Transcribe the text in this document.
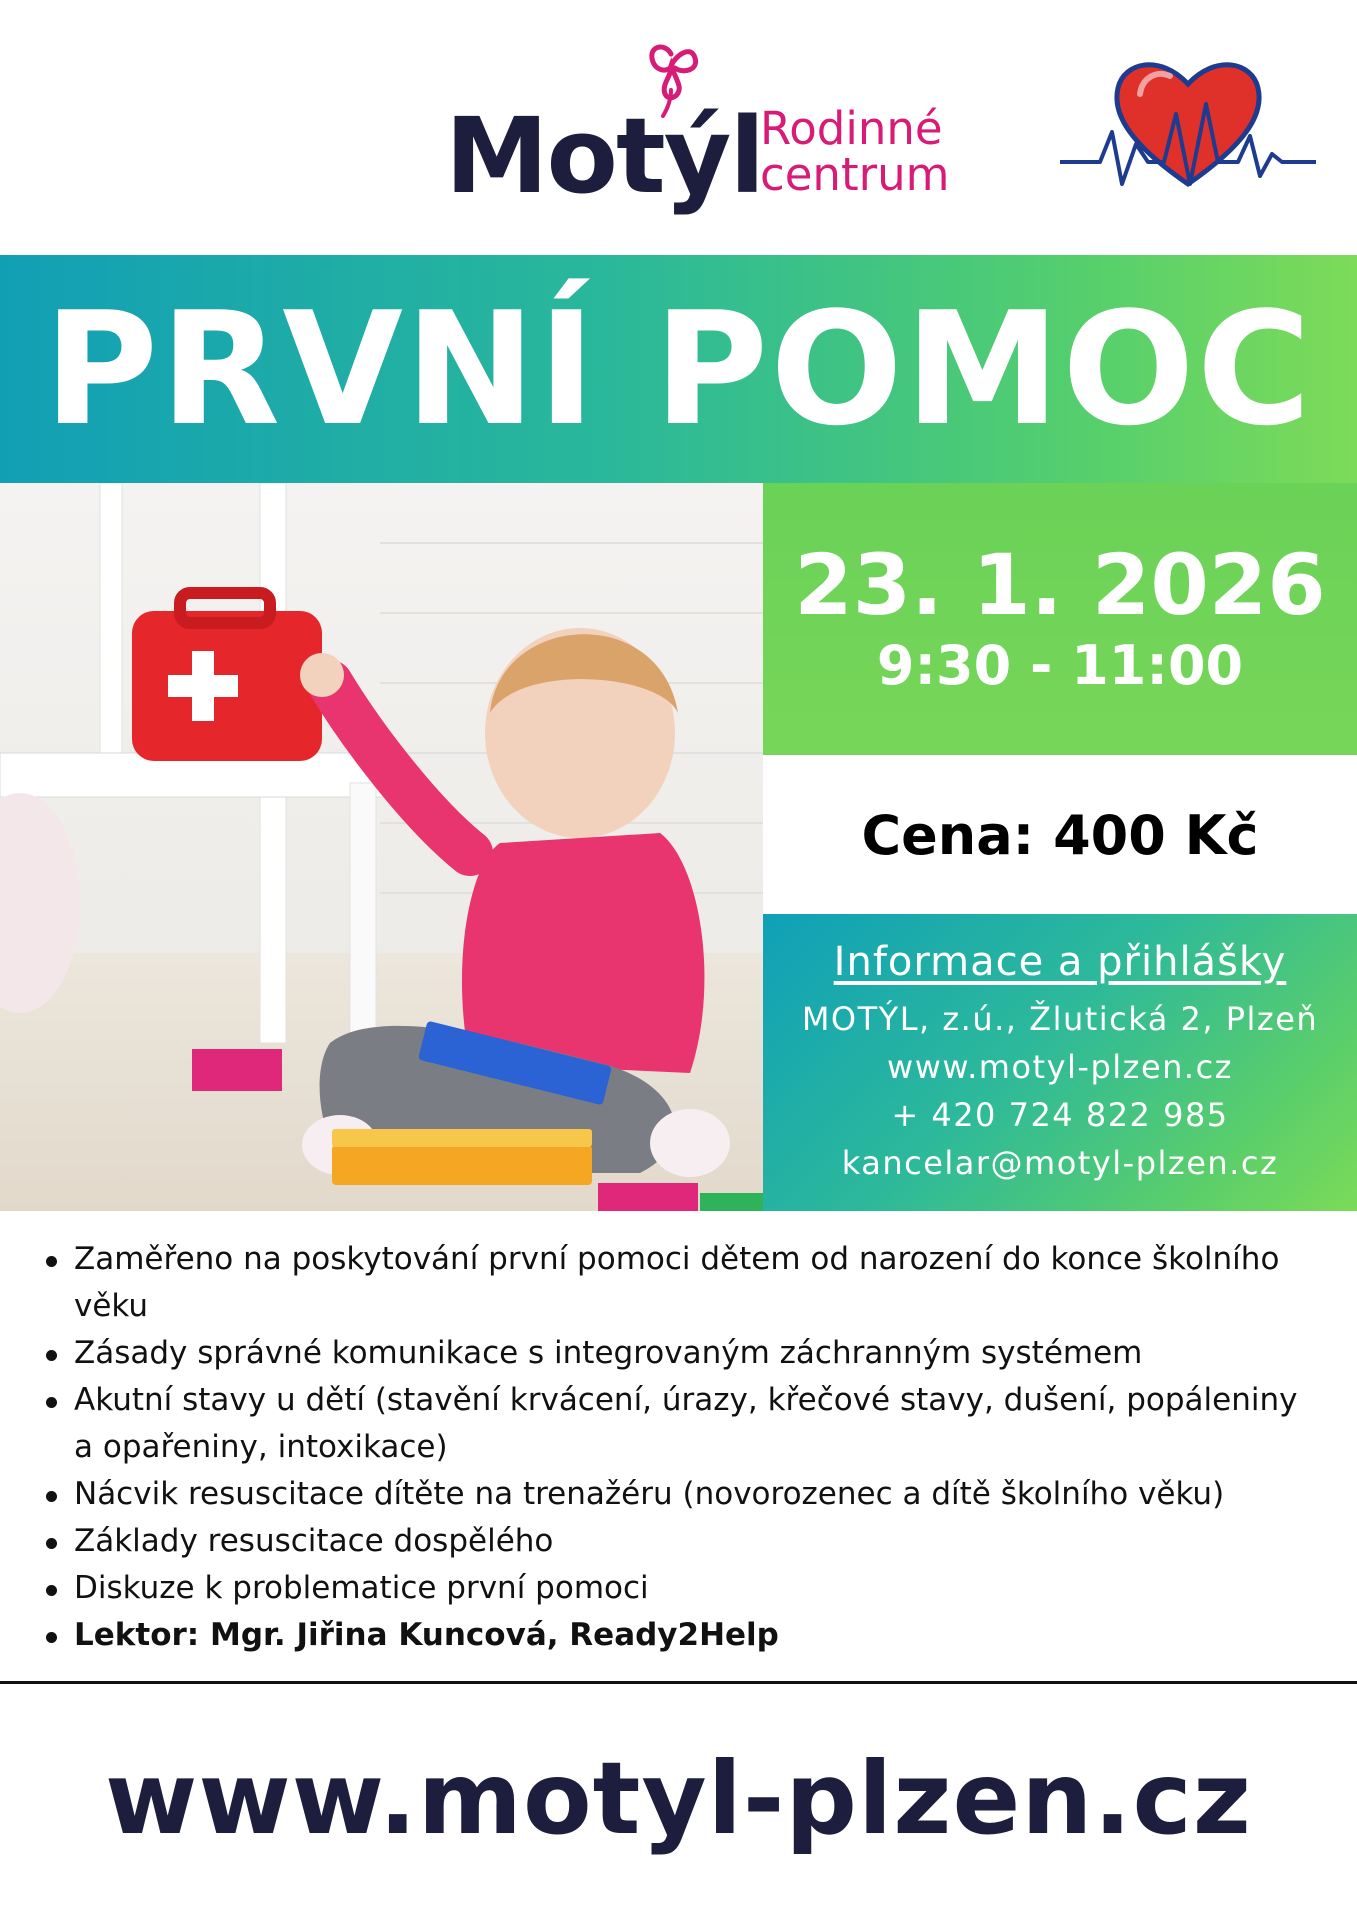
Motýl
Rodinné
centrum
PRVNÍ POMOC
23. 1. 2026
9:30 - 11:00
Cena: 400 Kč
Informace a přihlášky
MOTÝL, z.ú., Žlutická 2, Plzeň
www.motyl-plzen.cz
+ 420 724 822 985
kancelar@motyl-plzen.cz
Zaměřeno na poskytování první pomoci dětem od narození do konce školního věku
Zásady správné komunikace s integrovaným záchranným systémem
Akutní stavy u dětí (stavění krvácení, úrazy, křečové stavy, dušení, popáleniny a opařeniny, intoxikace)
Nácvik resuscitace dítěte na trenažéru (novorozenec a dítě školního věku)
Základy resuscitace dospělého
Diskuze k problematice první pomoci
Lektor: Mgr. Jiřina Kuncová, Ready2Help
www.motyl-plzen.cz
